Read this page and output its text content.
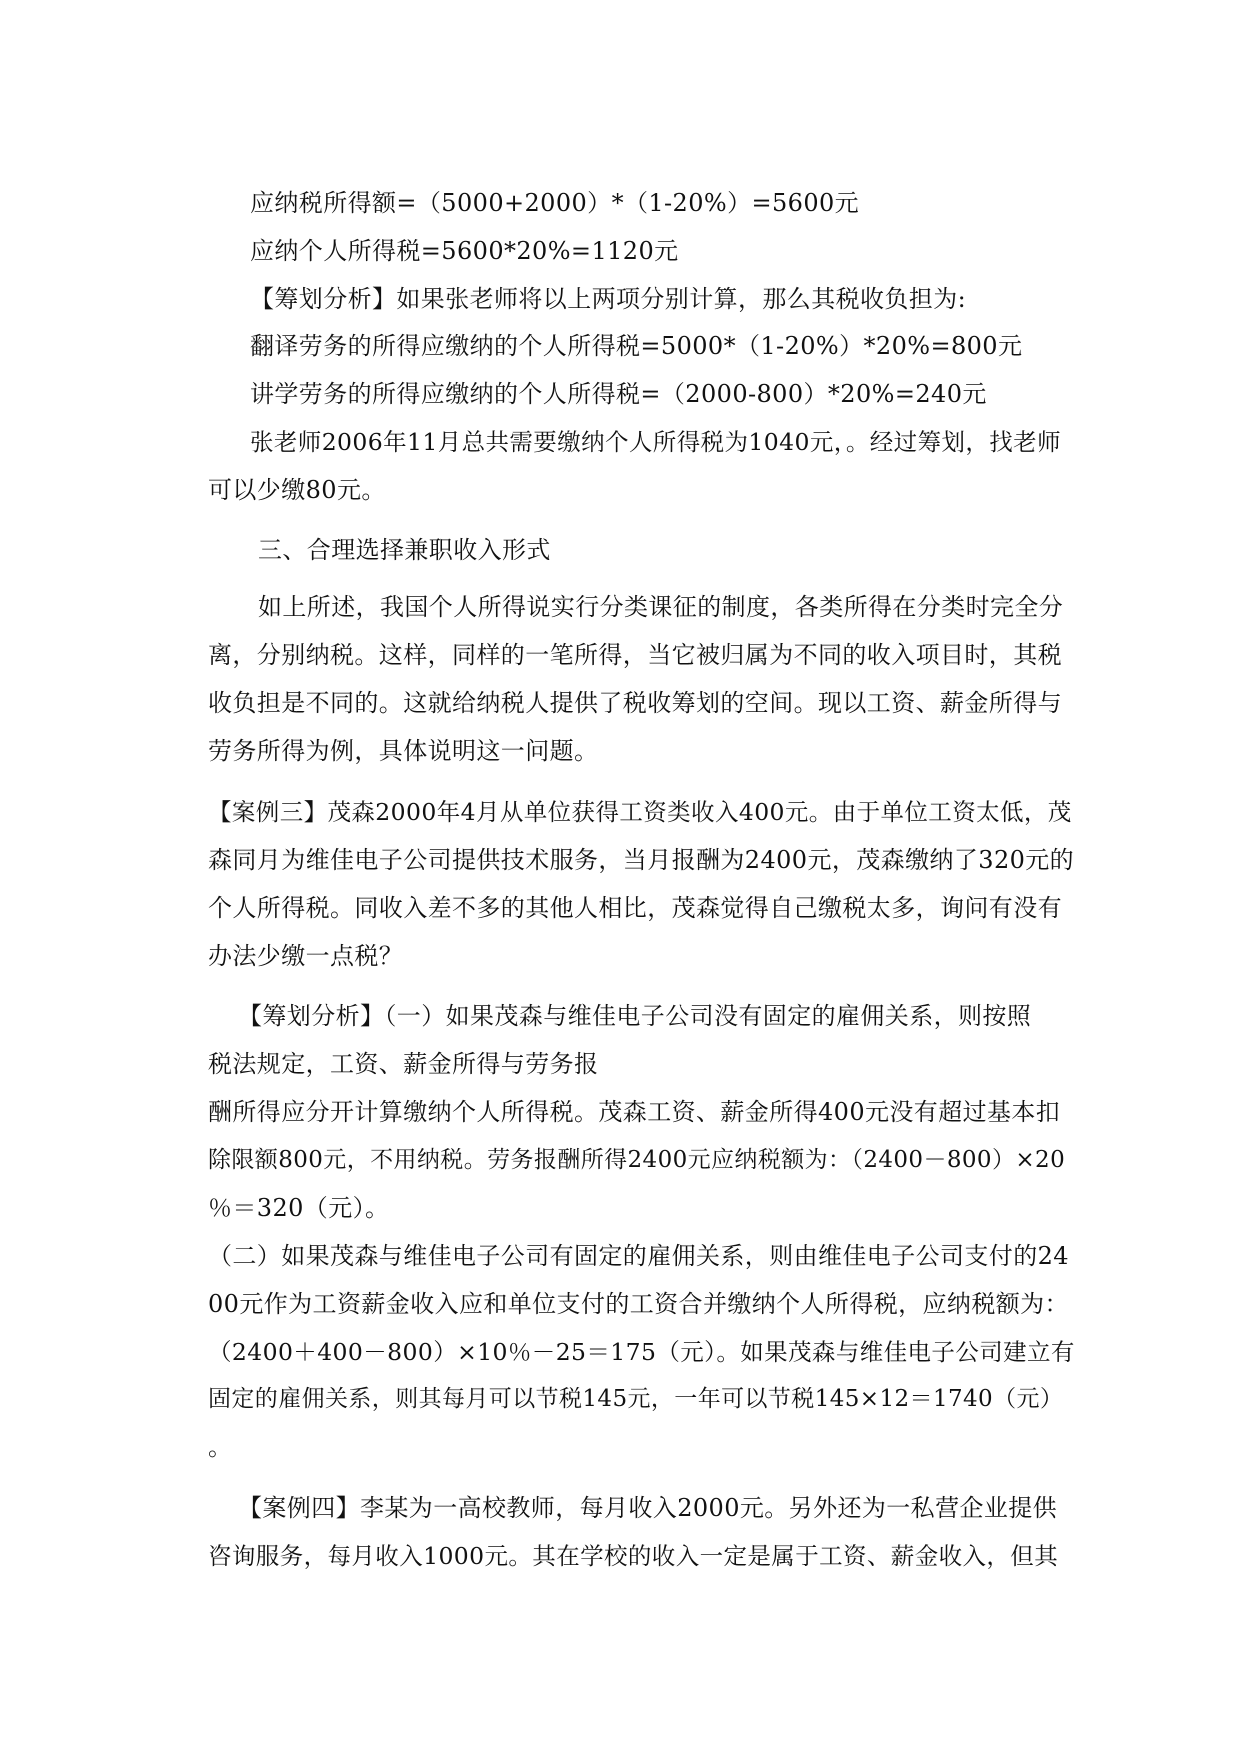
应纳税所得额=（5000+2000）*（1-20%）=5600元
应纳个人所得税=5600*20%=1120元
【筹划分析】如果张老师将以上两项分别计算，那么其税收负担为:
翻译劳务的所得应缴纳的个人所得税=5000*（1-20%）*20%=800元
讲学劳务的所得应缴纳的个人所得税=（2000-800）*20%=240元
张老师2006年11月总共需要缴纳个人所得税为1040元，。经过筹划，找老师
可以少缴80元。
三、合理选择兼职收入形式
如上所述，我国个人所得说实行分类课征的制度，各类所得在分类时完全分
离，分别纳税。这样，同样的一笔所得，当它被归属为不同的收入项目时，其税
收负担是不同的。这就给纳税人提供了税收筹划的空间。现以工资、薪金所得与
劳务所得为例，具体说明这一问题。
【案例三】茂森2000年4月从单位获得工资类收入400元。由于单位工资太低，茂
森同月为维佳电子公司提供技术服务，当月报酬为2400元，茂森缴纳了320元的
个人所得税。同收入差不多的其他人相比，茂森觉得自己缴税太多，询问有没有
办法少缴一点税？
【筹划分析】（一）如果茂森与维佳电子公司没有固定的雇佣关系，则按照
税法规定，工资、薪金所得与劳务报
酬所得应分开计算缴纳个人所得税。茂森工资、薪金所得400元没有超过基本扣
除限额800元，不用纳税。劳务报酬所得2400元应纳税额为：（2400－800）×20
％＝320（元）。
（二）如果茂森与维佳电子公司有固定的雇佣关系，则由维佳电子公司支付的24
00元作为工资薪金收入应和单位支付的工资合并缴纳个人所得税，应纳税额为：
（2400＋400－800）×10％－25＝175（元）。如果茂森与维佳电子公司建立有
固定的雇佣关系，则其每月可以节税145元，一年可以节税145×12＝1740（元）
。
【案例四】李某为一高校教师，每月收入2000元。另外还为一私营企业提供
咨询服务，每月收入1000元。其在学校的收入一定是属于工资、薪金收入，但其
